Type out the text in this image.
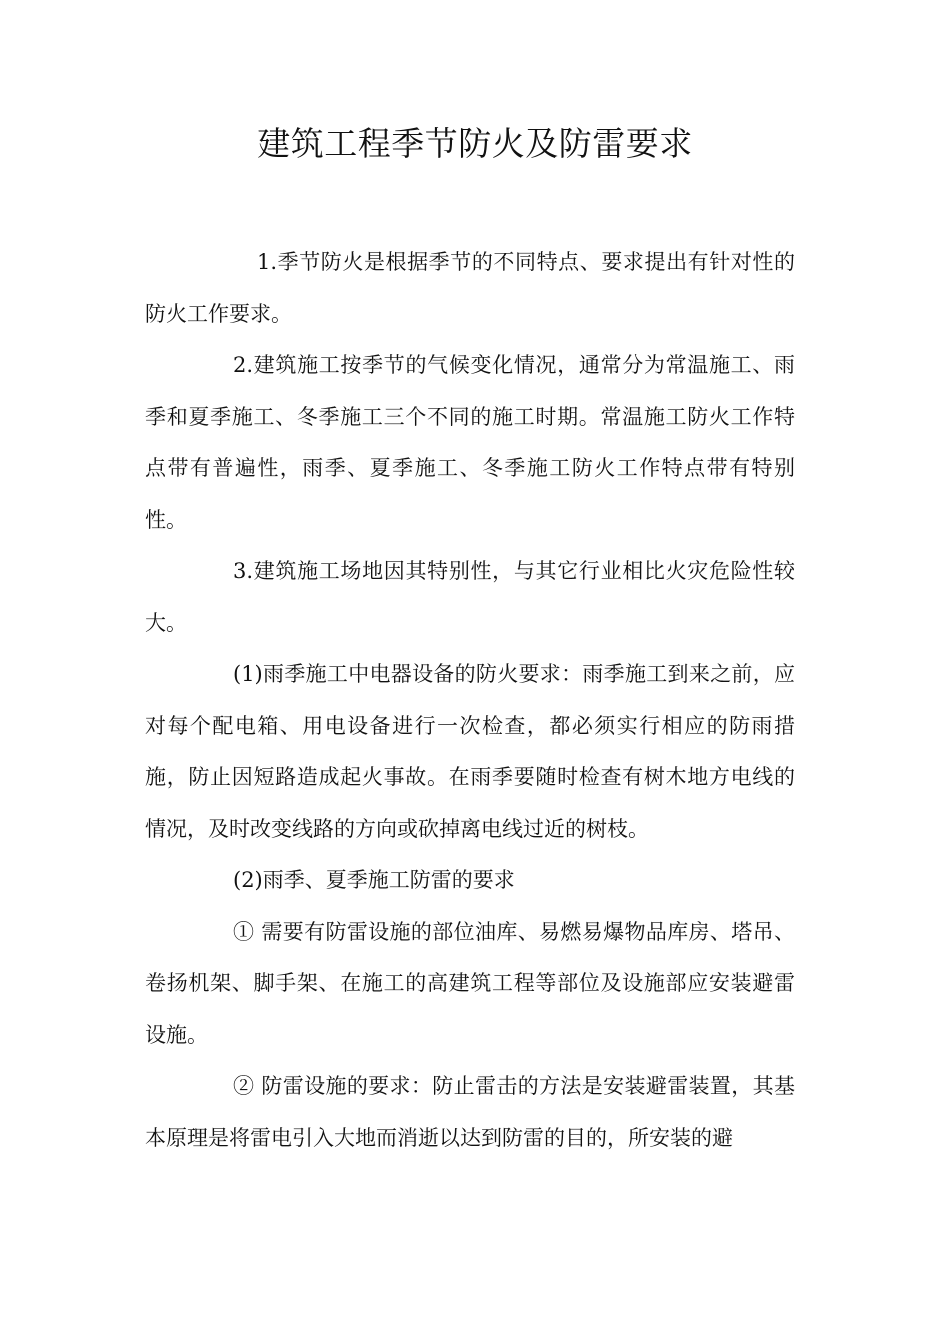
建筑工程季节防火及防雷要求

1.季节防火是根据季节的不同特点、要求提出有针对性的防火工作要求。

2.建筑施工按季节的气候变化情况，通常分为常温施工、雨季和夏季施工、冬季施工三个不同的施工时期。常温施工防火工作特点带有普遍性，雨季、夏季施工、冬季施工防火工作特点带有特别性。

3.建筑施工场地因其特别性，与其它行业相比火灾危险性较大。

(1)雨季施工中电器设备的防火要求：雨季施工到来之前，应对每个配电箱、用电设备进行一次检查，都必须实行相应的防雨措施，防止因短路造成起火事故。在雨季要随时检查有树木地方电线的情况，及时改变线路的方向或砍掉离电线过近的树枝。

(2)雨季、夏季施工防雷的要求

① 需要有防雷设施的部位油库、易燃易爆物品库房、塔吊、卷扬机架、脚手架、在施工的高建筑工程等部位及设施部应安装避雷设施。

② 防雷设施的要求：防止雷击的方法是安装避雷装置，其基本原理是将雷电引入大地而消逝以达到防雷的目的，所安装的避
